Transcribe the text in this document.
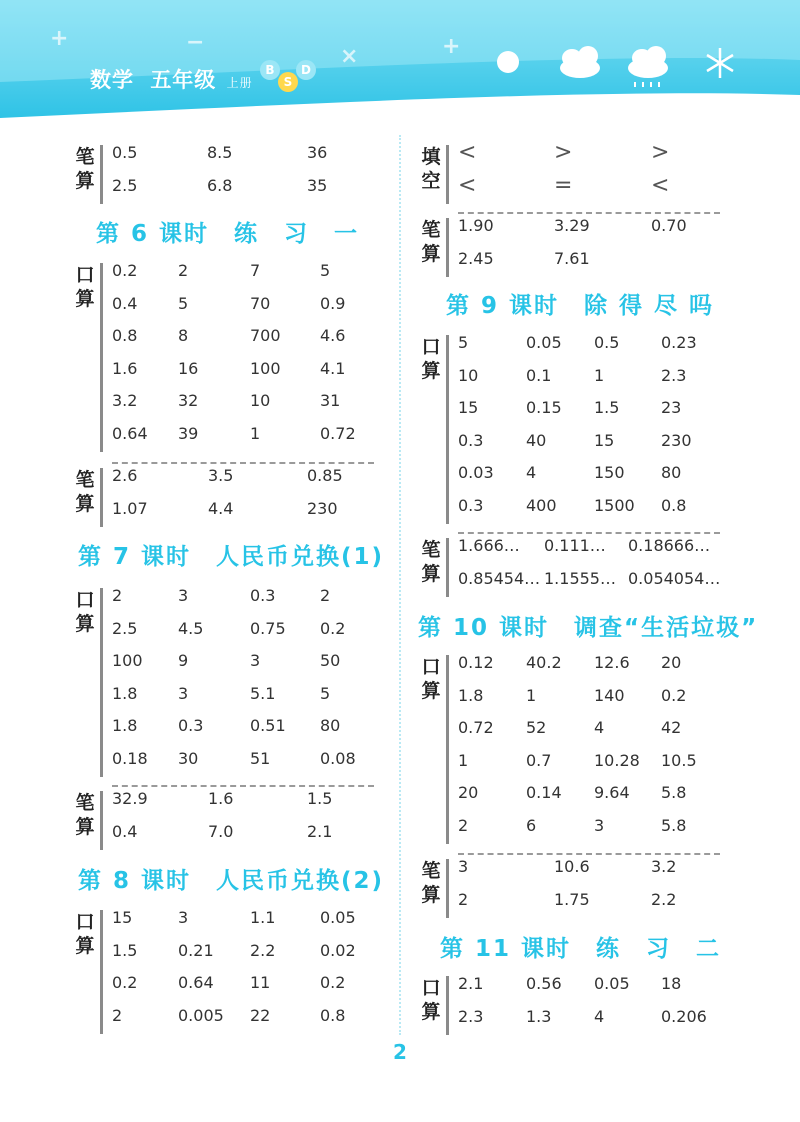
+	−
×	+
数学 五年级 上册
B
S
D
笔
算
0.5	8.5	36
2.5	6.8	35
第 6 课时　练　习　一
口
算
0.2	2	7	5
0.4	5	70	0.9
0.8	8	700 4.6
1.6	16	100 4.1
3.2	32	10	31
0.64 39	1	0.72
笔
算
2.6	3.5	0.85
1.07	4.4	230
第 7 课时　人民币兑换(1)
口
算
2	3	0.3	2
2.5	4.5	0.75 0.2
100 9	3	50
1.8	3	5.1	5
1.8	0.3	0.51 80
0.18 30	51	0.08
笔
算
32.9	1.6	1.5
0.4	7.0	2.1
第 8 课时　人民币兑换(2)
口
算
15	3	1.1	0.05
1.5	0.21 2.2	0.02
0.2	0.64 11	0.2
2	0.005 22	0.8
填
空
<	>	>
<	=	<
笔
算
1.90	3.29	0.70
2.45	7.61
第 9 课时　除 得 尽 吗
口
算
5	0.05 0.5	0.23
10	0.1	1	2.3
15	0.15 1.5	23
0.3	40	15	230
0.03 4	150 80
0.3	400 1500 0.8
笔
算
1.666… 0.111… 0.18666…
0.85454… 1.1555… 0.054054…
第 10 课时　调查“生活垃圾”
口
算
0.12 40.2 12.6 20
1.8	1	140 0.2
0.72 52	4	42
1	0.7	10.28 10.5
20	0.14 9.64 5.8
2	6	3	5.8
笔
算
3	10.6	3.2
2	1.75	2.2
第 11 课时　练　习　二
口
算
2.1	0.56 0.05 18
2.3	1.3	4	0.206
2
